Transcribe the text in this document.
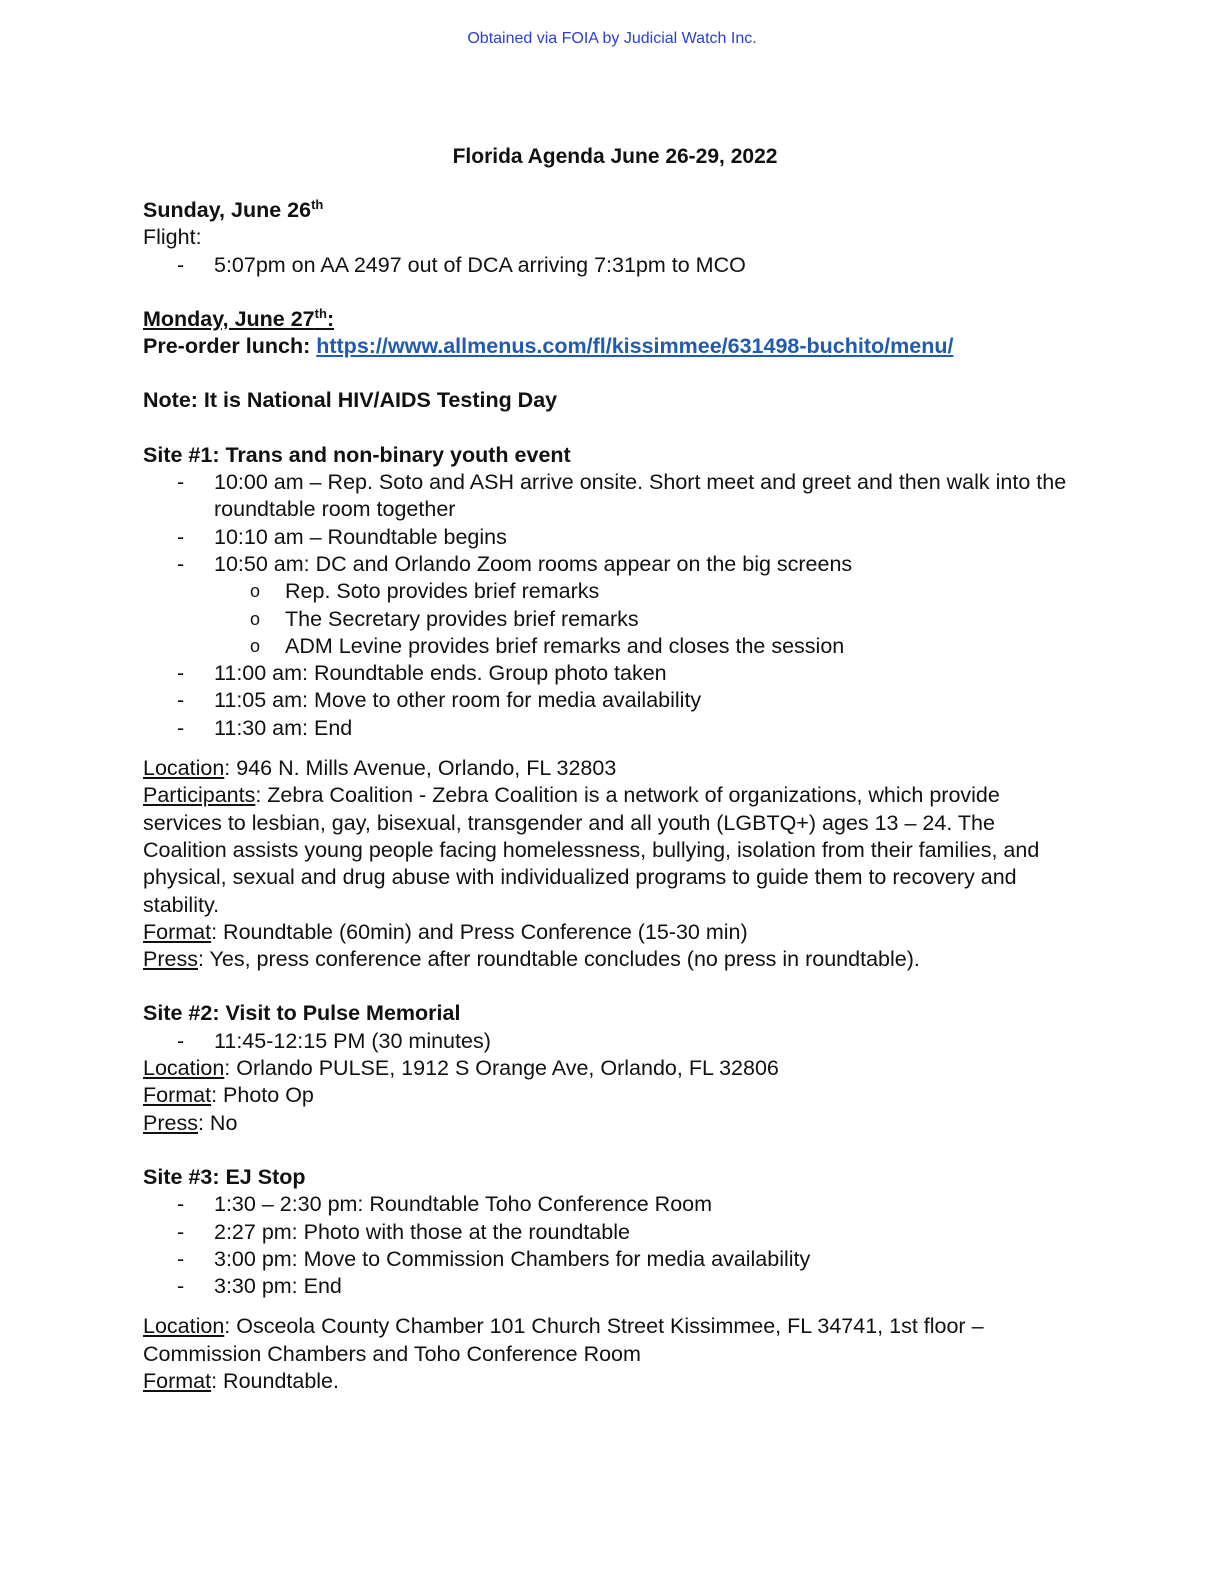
Obtained via FOIA by Judicial Watch Inc.
Florida Agenda June 26-29, 2022
Sunday, June 26th
Flight:
- 5:07pm on AA 2497 out of DCA arriving 7:31pm to MCO
Monday, June 27th:
Pre-order lunch: https://www.allmenus.com/fl/kissimmee/631498-buchito/menu/
Note: It is National HIV/AIDS Testing Day
Site #1: Trans and non-binary youth event
- 10:00 am – Rep. Soto and ASH arrive onsite. Short meet and greet and then walk into the roundtable room together
- 10:10 am – Roundtable begins
- 10:50 am: DC and Orlando Zoom rooms appear on the big screens
o Rep. Soto provides brief remarks
o The Secretary provides brief remarks
o ADM Levine provides brief remarks and closes the session
- 11:00 am: Roundtable ends. Group photo taken
- 11:05 am: Move to other room for media availability
- 11:30 am: End
Location: 946 N. Mills Avenue, Orlando, FL 32803
Participants: Zebra Coalition - Zebra Coalition is a network of organizations, which provide services to lesbian, gay, bisexual, transgender and all youth (LGBTQ+) ages 13 – 24. The Coalition assists young people facing homelessness, bullying, isolation from their families, and physical, sexual and drug abuse with individualized programs to guide them to recovery and stability.
Format: Roundtable (60min) and Press Conference (15-30 min)
Press: Yes, press conference after roundtable concludes (no press in roundtable).
Site #2: Visit to Pulse Memorial
- 11:45-12:15 PM (30 minutes)
Location: Orlando PULSE, 1912 S Orange Ave, Orlando, FL 32806
Format: Photo Op
Press: No
Site #3: EJ Stop
- 1:30 – 2:30 pm: Roundtable Toho Conference Room
- 2:27 pm: Photo with those at the roundtable
- 3:00 pm: Move to Commission Chambers for media availability
- 3:30 pm: End
Location: Osceola County Chamber 101 Church Street Kissimmee, FL 34741, 1st floor – Commission Chambers and Toho Conference Room
Format: Roundtable.
